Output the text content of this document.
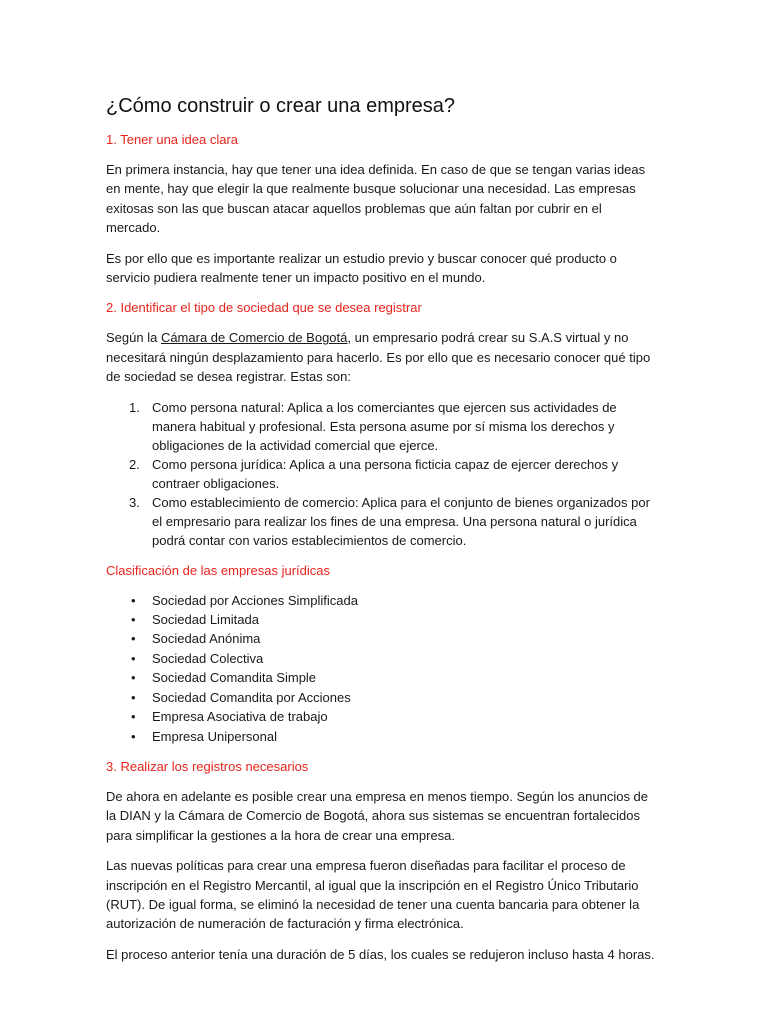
¿Cómo construir o crear una empresa?
1. Tener una idea clara

En primera instancia, hay que tener una idea definida. En caso de que se tengan varias ideas en mente, hay que elegir la que realmente busque solucionar una necesidad. Las empresas exitosas son las que buscan atacar aquellos problemas que aún faltan por cubrir en el mercado.

Es por ello que es importante realizar un estudio previo y buscar conocer qué producto o servicio pudiera realmente tener un impacto positivo en el mundo.

2. Identificar el tipo de sociedad que se desea registrar

Según la Cámara de Comercio de Bogotá, un empresario podrá crear su S.A.S virtual y no necesitará ningún desplazamiento para hacerlo. Es por ello que es necesario conocer qué tipo de sociedad se desea registrar. Estas son:

1. Como persona natural: Aplica a los comerciantes que ejercen sus actividades de manera habitual y profesional. Esta persona asume por sí misma los derechos y obligaciones de la actividad comercial que ejerce.
2. Como persona jurídica: Aplica a una persona ficticia capaz de ejercer derechos y contraer obligaciones.
3. Como establecimiento de comercio: Aplica para el conjunto de bienes organizados por el empresario para realizar los fines de una empresa. Una persona natural o jurídica podrá contar con varios establecimientos de comercio.
Clasificación de las empresas jurídicas
• Sociedad por Acciones Simplificada
• Sociedad Limitada
• Sociedad Anónima
• Sociedad Colectiva
• Sociedad Comandita Simple
• Sociedad Comandita por Acciones
• Empresa Asociativa de trabajo
• Empresa Unipersonal
3. Realizar los registros necesarios

De ahora en adelante es posible crear una empresa en menos tiempo. Según los anuncios de la DIAN y la Cámara de Comercio de Bogotá, ahora sus sistemas se encuentran fortalecidos para simplificar la gestiones a la hora de crear una empresa.

Las nuevas políticas para crear una empresa fueron diseñadas para facilitar el proceso de inscripción en el Registro Mercantil, al igual que la inscripción en el Registro Único Tributario (RUT). De igual forma, se eliminó la necesidad de tener una cuenta bancaria para obtener la autorización de numeración de facturación y firma electrónica.

El proceso anterior tenía una duración de 5 días, los cuales se redujeron incluso hasta 4 horas.
